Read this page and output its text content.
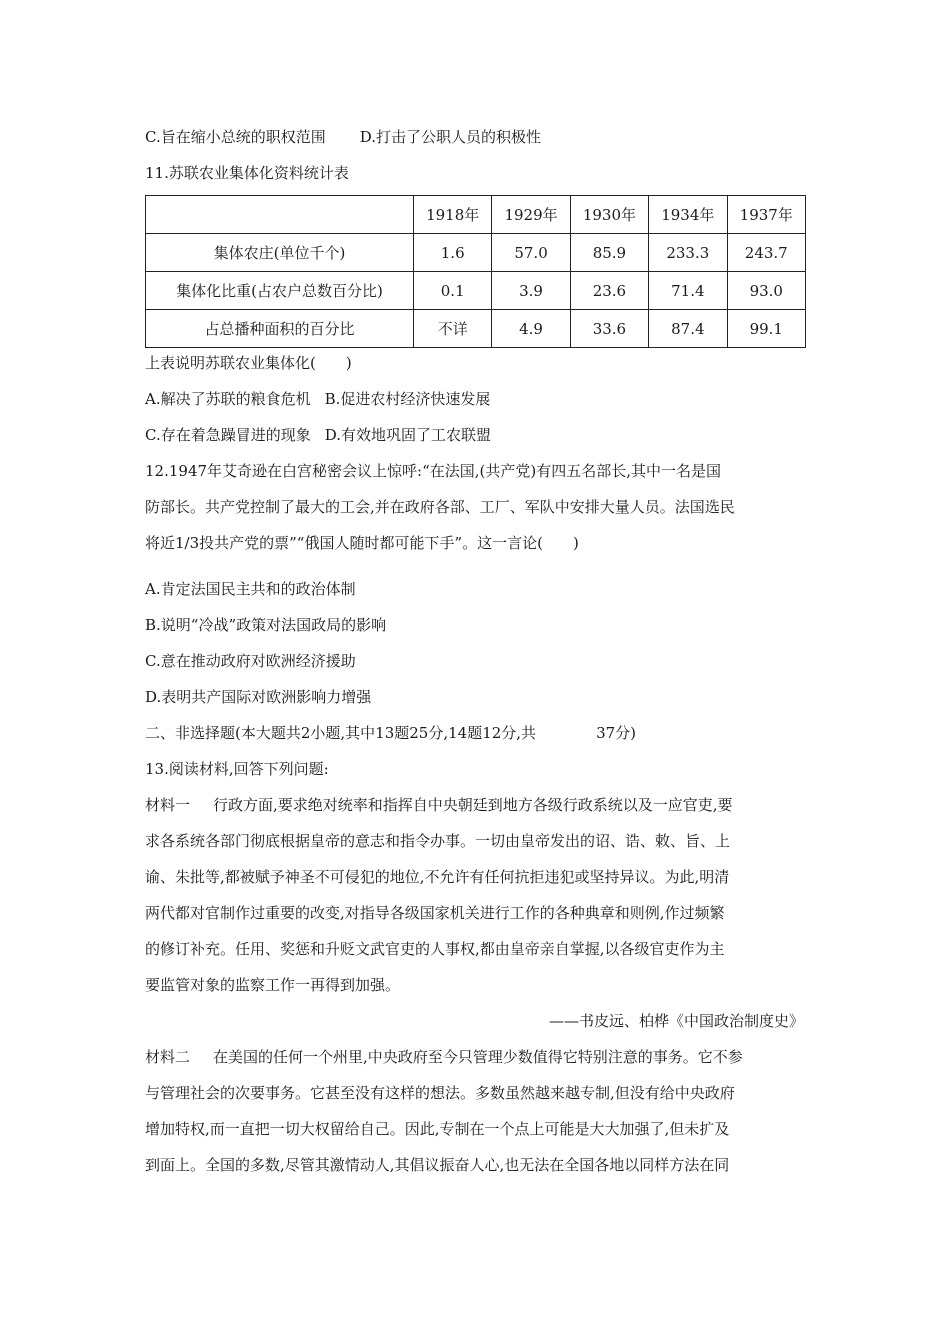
C.旨在缩小总统的职权范围 D.打击了公职人员的积极性
11.苏联农业集体化资料统计表
	1918年	1929年	1930年	1934年	1937年
集体农庄(单位千个)	1.6	57.0	85.9	233.3	243.7
集体化比重(占农户总数百分比)	0.1	3.9	23.6	71.4	93.0
占总播种面积的百分比	不详	4.9	33.6	87.4	99.1
上表说明苏联农业集体化(　　)
A.解决了苏联的粮食危机 B.促进农村经济快速发展
C.存在着急躁冒进的现象 D.有效地巩固了工农联盟
12.1947年艾奇逊在白宫秘密会议上惊呼:“在法国,(共产党)有四五名部长,其中一名是国
防部长。共产党控制了最大的工会,并在政府各部、工厂、军队中安排大量人员。法国选民
将近1/3投共产党的票”“俄国人随时都可能下手”。这一言论(　　)
A.肯定法国民主共和的政治体制
B.说明“冷战”政策对法国政局的影响
C.意在推动政府对欧洲经济援助
D.表明共产国际对欧洲影响力增强
二、非选择题(本大题共2小题,其中13题25分,14题12分,共	37分)
13.阅读材料,回答下列问题:
材料一 行政方面,要求绝对统率和指挥自中央朝廷到地方各级行政系统以及一应官吏,要
求各系统各部门彻底根据皇帝的意志和指令办事。一切由皇帝发出的诏、诰、敕、旨、上
谕、朱批等,都被赋予神圣不可侵犯的地位,不允许有任何抗拒违犯或坚持异议。为此,明清
两代都对官制作过重要的改变,对指导各级国家机关进行工作的各种典章和则例,作过频繁
的修订补充。任用、奖惩和升贬文武官吏的人事权,都由皇帝亲自掌握,以各级官吏作为主
要监管对象的监察工作一再得到加强。
——书皮远、柏桦《中国政治制度史》
材料二 在美国的任何一个州里,中央政府至今只管理少数值得它特别注意的事务。它不参
与管理社会的次要事务。它甚至没有这样的想法。多数虽然越来越专制,但没有给中央政府
增加特权,而一直把一切大权留给自己。因此,专制在一个点上可能是大大加强了,但未扩及
到面上。全国的多数,尽管其激情动人,其倡议振奋人心,也无法在全国各地以同样方法在同
